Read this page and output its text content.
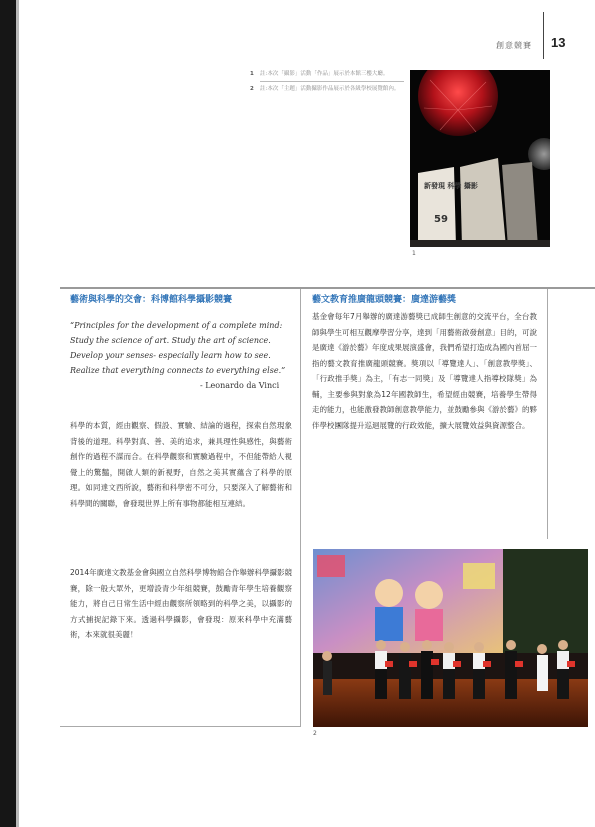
創意競賽 13
1	註:本次「攝影」活動「作品」展示於本館三樓大廳。
2	註:本次「主題」活動攝影作品展示於各級學校展覽館內。
新發現 科學 攝影
59
1
藝術與科學的交會：科博館科學攝影競賽
“Principles for the development of a complete mind: Study the science of art. Study the art of science. Develop your senses- especially learn how to see. Realize that everything connects to everything else.”
- Leonardo da Vinci

科學的本質，經由觀察、假設、實驗、結論的過程，探索自然現象背後的道理。科學對真、善、美的追求，兼具理性與感性，與藝術創作的過程不謀而合。在科學觀察和實驗過程中，不但能帶給人視覺上的驚豔，開啟人類的新視野，自然之美其實蘊含了科學的原理。如同達文西所說，藝術和科學密不可分，只要深入了解藝術和科學間的關聯，會發現世界上所有事物都能相互連結。

2014年廣達文教基金會與國立自然科學博物館合作舉辦科學攝影競賽，除一般大眾外，更增設青少年組競賽，鼓勵青年學生培養觀察能力，將自己日常生活中經由觀察所領略到的科學之美，以攝影的方式捕捉記錄下來。透過科學攝影，會發現：原來科學中充滿藝術，本來就很美麗！

藝文教育推廣龍頭競賽：廣達游藝獎

基金會每年7月舉辦的廣達游藝獎已成師生創意的交流平台，全台教師與學生可相互觀摩學習分享，達到「用藝術啟發創意」目的，可說是廣達《游於藝》年度成果展演盛會，我們希望打造成為國內首屈一指的藝文教育推廣龍頭競賽。獎項以「導覽達人」、「創意教學獎」、「行政推手獎」為主，「有志一同獎」及「導覽達人指導校隊獎」為輔，主要參與對象為12年國教師生，希望經由競賽，培養學生帶得走的能力，也能激發教師創意教學能力，並鼓勵參與《游於藝》的夥伴學校團隊提升巡迴展覽的行政效能，擴大展覽效益與資源整合。

2
